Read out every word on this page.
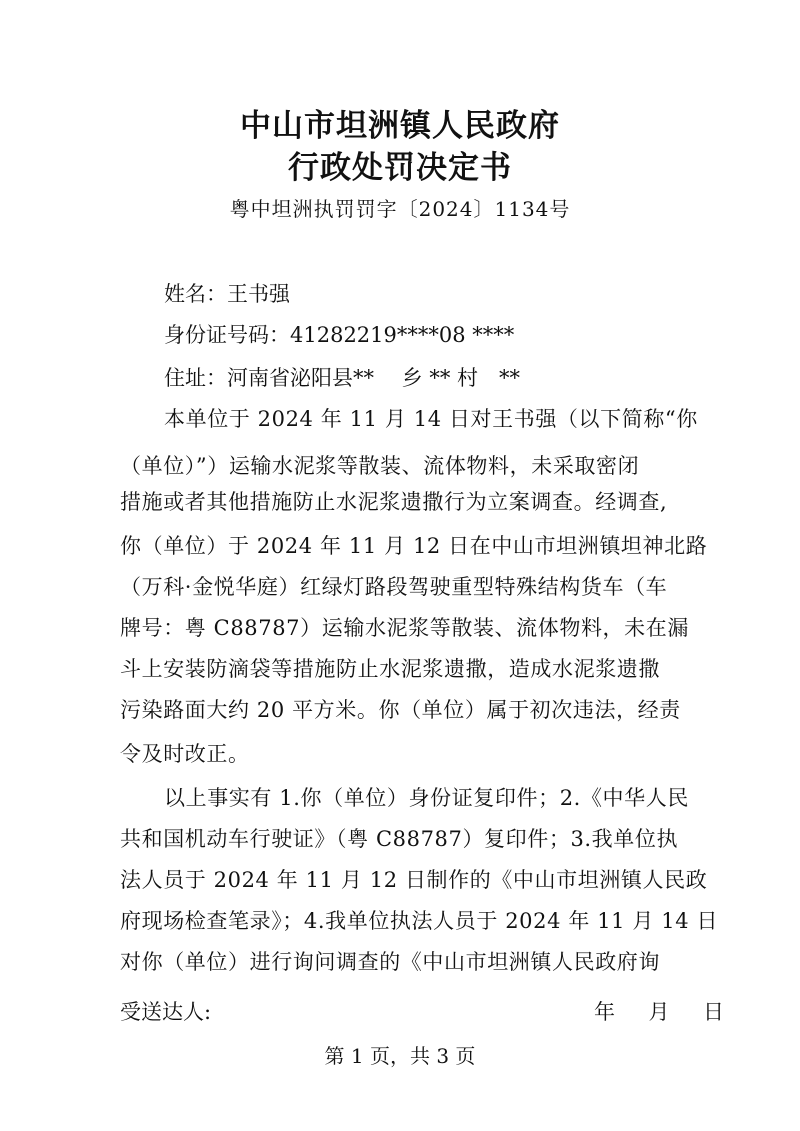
中山市坦洲镇人民政府
行政处罚决定书
粤中坦洲执罚罚字〔2024〕1134号
姓名：王书强
身份证号码：41282219****08 ****
住址：河南省泌阳县**　 乡 ** 村　**
本单位于 2024 年 11 月 14 日对王书强（以下简称“你
（单位）”）运输水泥浆等散装、流体物料，未采取密闭
措施或者其他措施防止水泥浆遗撒行为立案调查。经调查,
你（单位）于 2024 年 11 月 12 日在中山市坦洲镇坦神北路
（万科·金悦华庭）红绿灯路段驾驶重型特殊结构货车（车
牌号：粤 C88787）运输水泥浆等散装、流体物料，未在漏
斗上安装防滴袋等措施防止水泥浆遗撒，造成水泥浆遗撒
污染路面大约 20 平方米。你（单位）属于初次违法，经责
令及时改正。
以上事实有 1.你（单位）身份证复印件；2.《中华人民
共和国机动车行驶证》（粤 C88787）复印件；3.我单位执
法人员于 2024 年 11 月 12 日制作的《中山市坦洲镇人民政
府现场检查笔录》；4.我单位执法人员于 2024 年 11 月 14 日
对你（单位）进行询问调查的《中山市坦洲镇人民政府询
受送达人:	年 月 日
第 1 页，共 3 页
